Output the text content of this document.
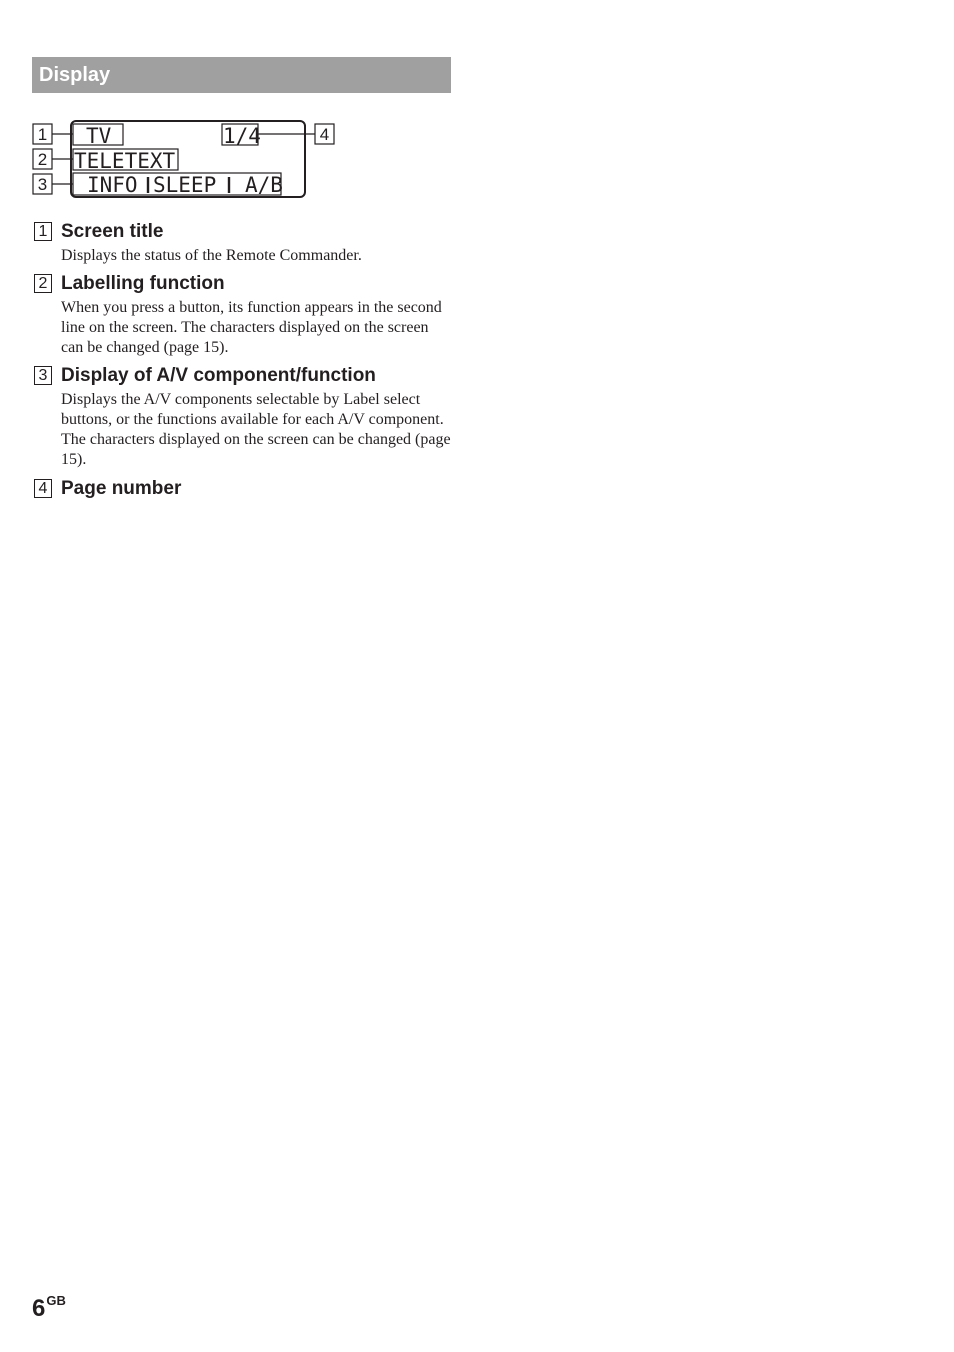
Display
1
2
3
4
TV	1/4
TELETEXT
INFO SLEEP A/B
1 Screen title
Displays the status of the Remote Commander.
2 Labelling function
When you press a button, its function appears in the second line on the screen. The characters displayed on the screen can be changed (page 15).
3 Display of A/V component/function
Displays the A/V components selectable by Label select buttons, or the functions available for each A/V component. The characters displayed on the screen can be changed (page 15).
4 Page number
$6^{GB}$
